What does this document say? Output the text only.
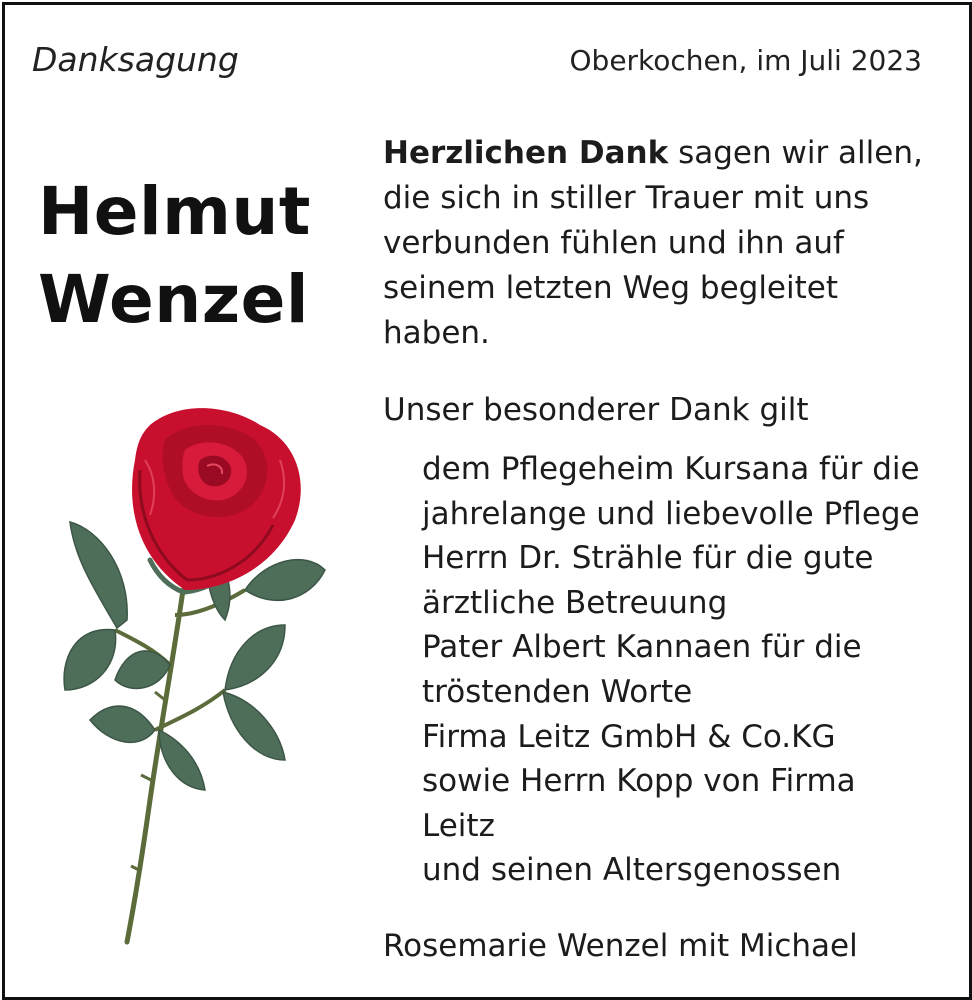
Danksagung	Oberkochen, im Juli 2023
Helmut
Wenzel
Herzlichen Dank sagen wir allen, die sich in stiller Trauer mit uns verbunden fühlen und ihn auf seinem letzten Weg begleitet haben.
Unser besonderer Dank gilt
dem Pflegeheim Kursana für die
jahrelange und liebevolle Pflege
Herrn Dr. Strähle für die gute
ärztliche Betreuung
Pater Albert Kannaen für die
tröstenden Worte
Firma Leitz GmbH & Co.KG
sowie Herrn Kopp von Firma
Leitz
und seinen Altersgenossen
Rosemarie Wenzel mit Michael
